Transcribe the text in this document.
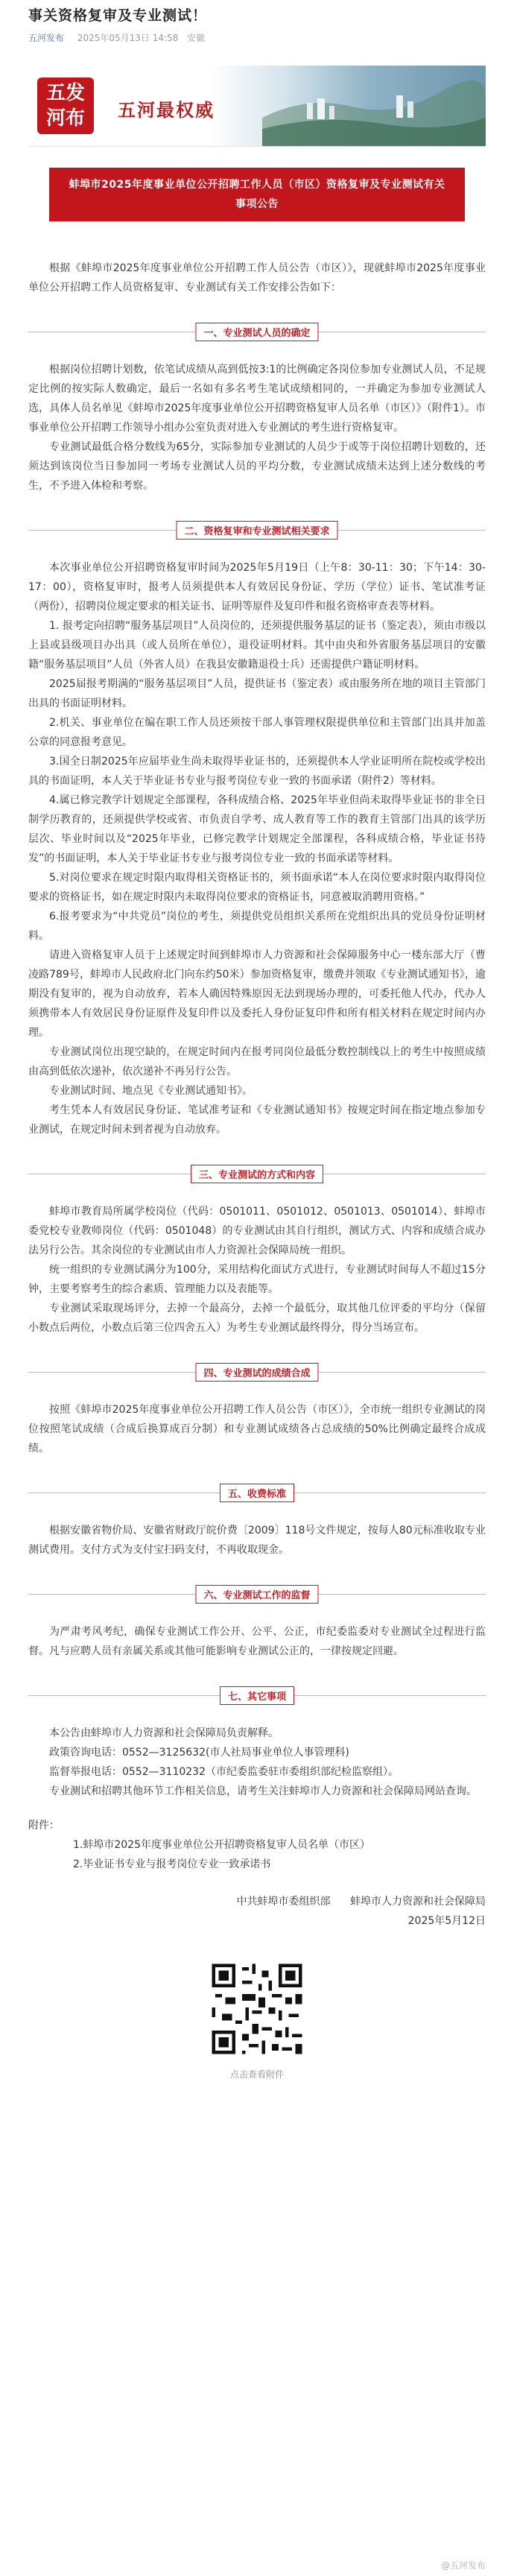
事关资格复审及专业测试！
五河发布 2025年05月13日 14:58 安徽
五发
河布	五河最权威
蚌埠市2025年度事业单位公开招聘工作人员（市区）资格复审及专业测试有关事项公告

根据《蚌埠市2025年度事业单位公开招聘工作人员公告（市区）》，现就蚌埠市2025年度事业单位公开招聘工作人员资格复审、专业测试有关工作安排公告如下：

一、专业测试人员的确定

根据岗位招聘计划数，依笔试成绩从高到低按3:1的比例确定各岗位参加专业测试人员，不足规定比例的按实际人数确定，最后一名如有多名考生笔试成绩相同的，一并确定为参加专业测试人选，具体人员名单见《蚌埠市2025年度事业单位公开招聘资格复审人员名单（市区）》（附件1）。市事业单位公开招聘工作领导小组办公室负责对进入专业测试的考生进行资格复审。

专业测试最低合格分数线为65分，实际参加专业测试的人员少于或等于岗位招聘计划数的，还须达到该岗位当日参加同一考场专业测试人员的平均分数，专业测试成绩未达到上述分数线的考生，不予进入体检和考察。

二、资格复审和专业测试相关要求

本次事业单位公开招聘资格复审时间为2025年5月19日（上午8：30-11：30；下午14：30-17：00），资格复审时，报考人员须提供本人有效居民身份证、学历（学位）证书、笔试准考证（两份），招聘岗位规定要求的相关证书、证明等原件及复印件和报名资格审查表等材料。

1. 报考定向招聘“服务基层项目”人员岗位的，还须提供服务基层的证书（鉴定表），须由市级以上县或县级项目办出具（或人员所在单位），退役证明材料。其中由央和外省服务基层项目的安徽籍“服务基层项目”人员（外省人员）在我县安徽籍退役士兵）还需提供户籍证明材料。

2025届报考期满的“服务基层项目”人员，提供证书（鉴定表）或由服务所在地的项目主管部门出具的书面证明材料。

2.机关、事业单位在编在职工作人员还须按干部人事管理权限提供单位和主管部门出具并加盖公章的同意报考意见。

3.国全日制2025年应届毕业生尚未取得毕业证书的，还须提供本人学业证明所在院校或学校出具的书面证明，本人关于毕业证书专业与报考岗位专业一致的书面承诺（附件2）等材料。

4.属已修完教学计划规定全部课程，各科成绩合格、2025年毕业但尚未取得毕业证书的非全日制学历教育的，还须提供学校或省、市负责自学考、成人教育等工作的教育主管部门出具的该学历层次、毕业时间以及“2025年毕业，已修完教学计划规定全部课程，各科成绩合格，毕业证书待发”的书面证明，本人关于毕业证书专业与报考岗位专业一致的书面承诺等材料。

5.对岗位要求在规定时限内取得相关资格证书的，须书面承诺“本人在岗位要求时限内取得岗位要求的资格证书，如在规定时限内未取得岗位要求的资格证书，同意被取消聘用资格。”

6.报考要求为“中共党员”岗位的考生，须提供党员组织关系所在党组织出具的党员身份证明材料。

请进入资格复审人员于上述规定时间到蚌埠市人力资源和社会保障服务中心一楼东部大厅（曹凌路789号，蚌埠市人民政府北门向东约50米）参加资格复审，缴费并领取《专业测试通知书》，逾期没有复审的，视为自动放弃，若本人确因特殊原因无法到现场办理的，可委托他人代办，代办人须携带本人有效居民身份证原件及复印件以及委托人身份证复印件和所有相关材料在规定时间内办理。

专业测试岗位出现空缺的，在规定时间内在报考同岗位最低分数控制线以上的考生中按照成绩由高到低依次递补，依次递补不再另行公告。

专业测试时间、地点见《专业测试通知书》。

考生凭本人有效居民身份证、笔试准考证和《专业测试通知书》按规定时间在指定地点参加专业测试，在规定时间未到者视为自动放弃。

三、专业测试的方式和内容

蚌埠市教育局所属学校岗位（代码：0501011、0501012、0501013、0501014）、蚌埠市委党校专业教师岗位（代码：0501048）的专业测试由其自行组织，测试方式、内容和成绩合成办法另行公告。其余岗位的专业测试由市人力资源社会保障局统一组织。

统一组织的专业测试满分为100分，采用结构化面试方式进行，专业测试时间每人不超过15分钟，主要考察考生的综合素质、管理能力以及表能等。

专业测试采取现场评分，去掉一个最高分，去掉一个最低分，取其他几位评委的平均分（保留小数点后两位，小数点后第三位四舍五入）为考生专业测试最终得分，得分当场宣布。

四、专业测试的成绩合成

按照《蚌埠市2025年度事业单位公开招聘工作人员公告（市区）》，全市统一组织专业测试的岗位按照笔试成绩（合成后换算成百分制）和专业测试成绩各占总成绩的50%比例确定最终合成成绩。

五、收费标准

根据安徽省物价局、安徽省财政厅皖价费〔2009〕118号文件规定，按每人80元标准收取专业测试费用。支付方式为支付宝扫码支付，不再收取现金。

六、专业测试工作的监督

为严肃考风考纪，确保专业测试工作公开、公平、公正，市纪委监委对专业测试全过程进行监督。凡与应聘人员有亲属关系或其他可能影响专业测试公正的，一律按规定回避。

七、其它事项

本公告由蚌埠市人力资源和社会保障局负责解释。

政策咨询电话：0552—3125632(市人社局事业单位人事管理科)

监督举报电话：0552—3110232（市纪委监委驻市委组织部纪检监察组）。

专业测试和招聘其他环节工作相关信息，请考生关注蚌埠市人力资源和社会保障局网站查询。

附件：
1.蚌埠市2025年度事业单位公开招聘资格复审人员名单（市区）
2.毕业证书专业与报考岗位专业一致承诺书
中共蚌埠市委组织部 蚌埠市人力资源和社会保障局
2025年5月12日
点击查看附件
@五河发布
